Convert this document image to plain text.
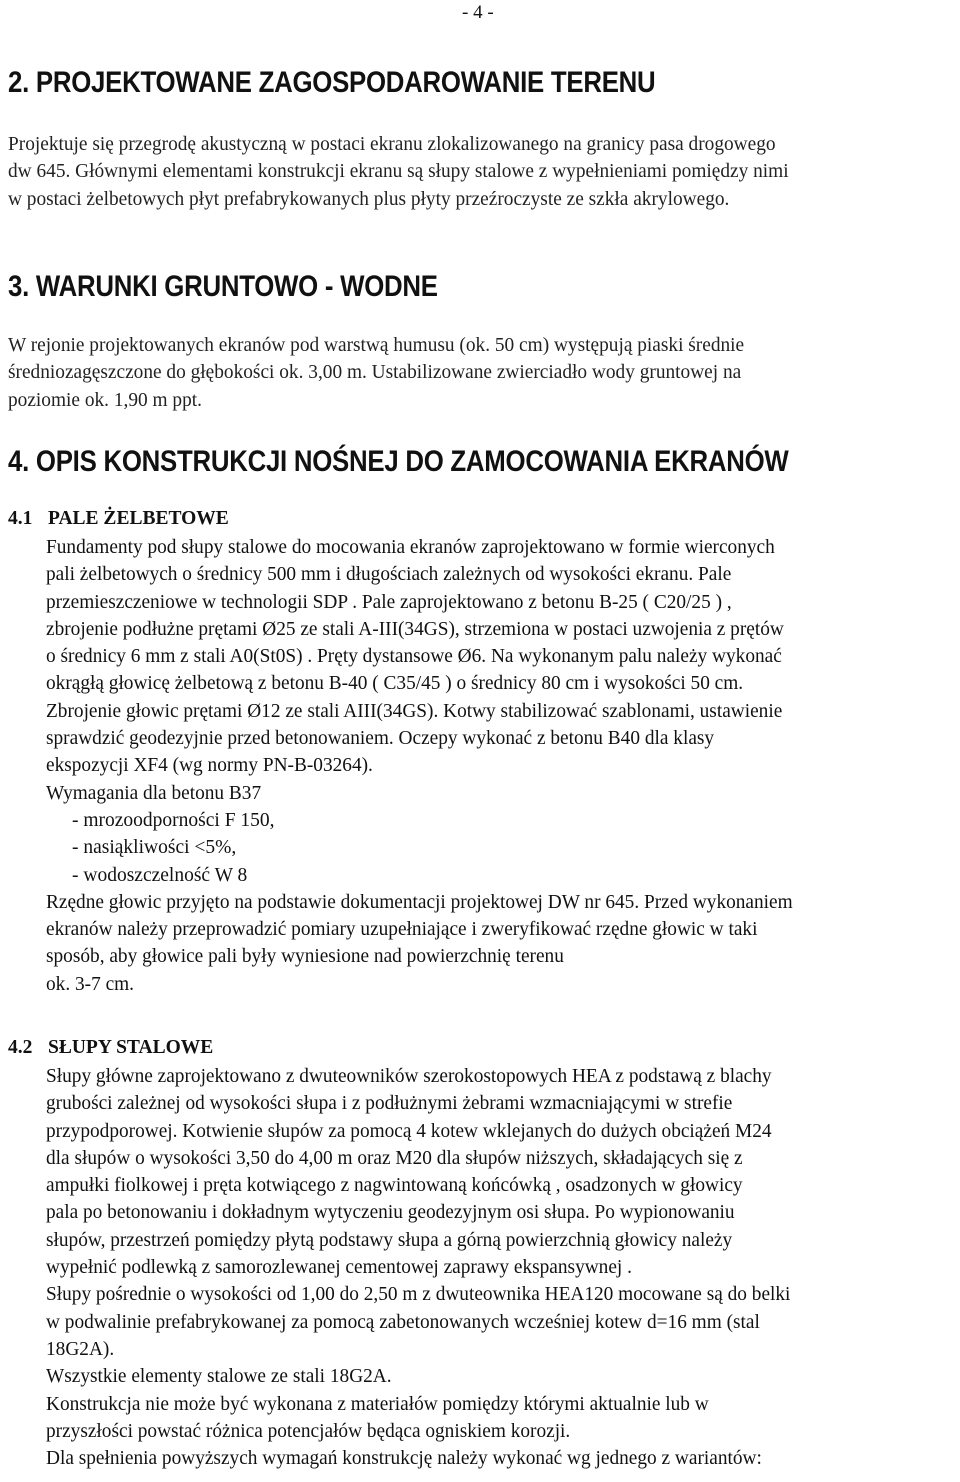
- 4 -
2. PROJEKTOWANE ZAGOSPODAROWANIE TERENU
Projektuje się przegrodę akustyczną w postaci ekranu zlokalizowanego na granicy pasa drogowego
dw 645. Głównymi elementami konstrukcji ekranu są słupy stalowe z wypełnieniami pomiędzy nimi
w postaci żelbetowych płyt prefabrykowanych plus płyty przeźroczyste ze szkła akrylowego.
3. WARUNKI GRUNTOWO - WODNE
W rejonie projektowanych ekranów pod warstwą humusu (ok. 50 cm) występują piaski średnie
średniozagęszczone do głębokości ok. 3,00 m. Ustabilizowane zwierciadło wody gruntowej na
poziomie ok. 1,90 m ppt.
4. OPIS KONSTRUKCJI NOŚNEJ DO ZAMOCOWANIA EKRANÓW
4.1 PALE ŻELBETOWE
Fundamenty pod słupy stalowe do mocowania ekranów zaprojektowano w formie wierconych
pali żelbetowych o średnicy 500 mm i długościach zależnych od wysokości ekranu. Pale
przemieszczeniowe w technologii SDP . Pale zaprojektowano z betonu B-25 ( C20/25 ) ,
zbrojenie podłużne prętami Ø25 ze stali A-III(34GS), strzemiona w postaci uzwojenia z prętów
o średnicy 6 mm z stali A0(St0S) . Pręty dystansowe Ø6. Na wykonanym palu należy wykonać
okrągłą głowicę żelbetową z betonu B-40 ( C35/45 ) o średnicy 80 cm i wysokości 50 cm.
Zbrojenie głowic prętami Ø12 ze stali AIII(34GS). Kotwy stabilizować szablonami, ustawienie
sprawdzić geodezyjnie przed betonowaniem. Oczepy wykonać z betonu B40 dla klasy
ekspozycji XF4 (wg normy PN-B-03264).
Wymagania dla betonu B37
- mrozoodporności F 150,
- nasiąkliwości <5%,
- wodoszczelność W 8
Rzędne głowic przyjęto na podstawie dokumentacji projektowej DW nr 645. Przed wykonaniem
ekranów należy przeprowadzić pomiary uzupełniające i zweryfikować rzędne głowic w taki
sposób, aby głowice pali były wyniesione nad powierzchnię terenu
ok. 3-7 cm.
4.2 SŁUPY STALOWE
Słupy główne zaprojektowano z dwuteowników szerokostopowych HEA z podstawą z blachy
grubości zależnej od wysokości słupa i z podłużnymi żebrami wzmacniającymi w strefie
przypodporowej. Kotwienie słupów za pomocą 4 kotew wklejanych do dużych obciążeń M24
dla słupów o wysokości 3,50 do 4,00 m oraz M20 dla słupów niższych, składających się z
ampułki fiolkowej i pręta kotwiącego z nagwintowaną końcówką , osadzonych w głowicy
pala po betonowaniu i dokładnym wytyczeniu geodezyjnym osi słupa. Po wypionowaniu
słupów, przestrzeń pomiędzy płytą podstawy słupa a górną powierzchnią głowicy należy
wypełnić podlewką z samorozlewanej cementowej zaprawy ekspansywnej .
Słupy pośrednie o wysokości od 1,00 do 2,50 m z dwuteownika HEA120 mocowane są do belki
w podwalinie prefabrykowanej za pomocą zabetonowanych wcześniej kotew d=16 mm (stal
18G2A).
Wszystkie elementy stalowe ze stali 18G2A.
Konstrukcja nie może być wykonana z materiałów pomiędzy którymi aktualnie lub w
przyszłości powstać różnica potencjałów będąca ogniskiem korozji.
Dla spełnienia powyższych wymagań konstrukcję należy wykonać wg jednego z wariantów:
